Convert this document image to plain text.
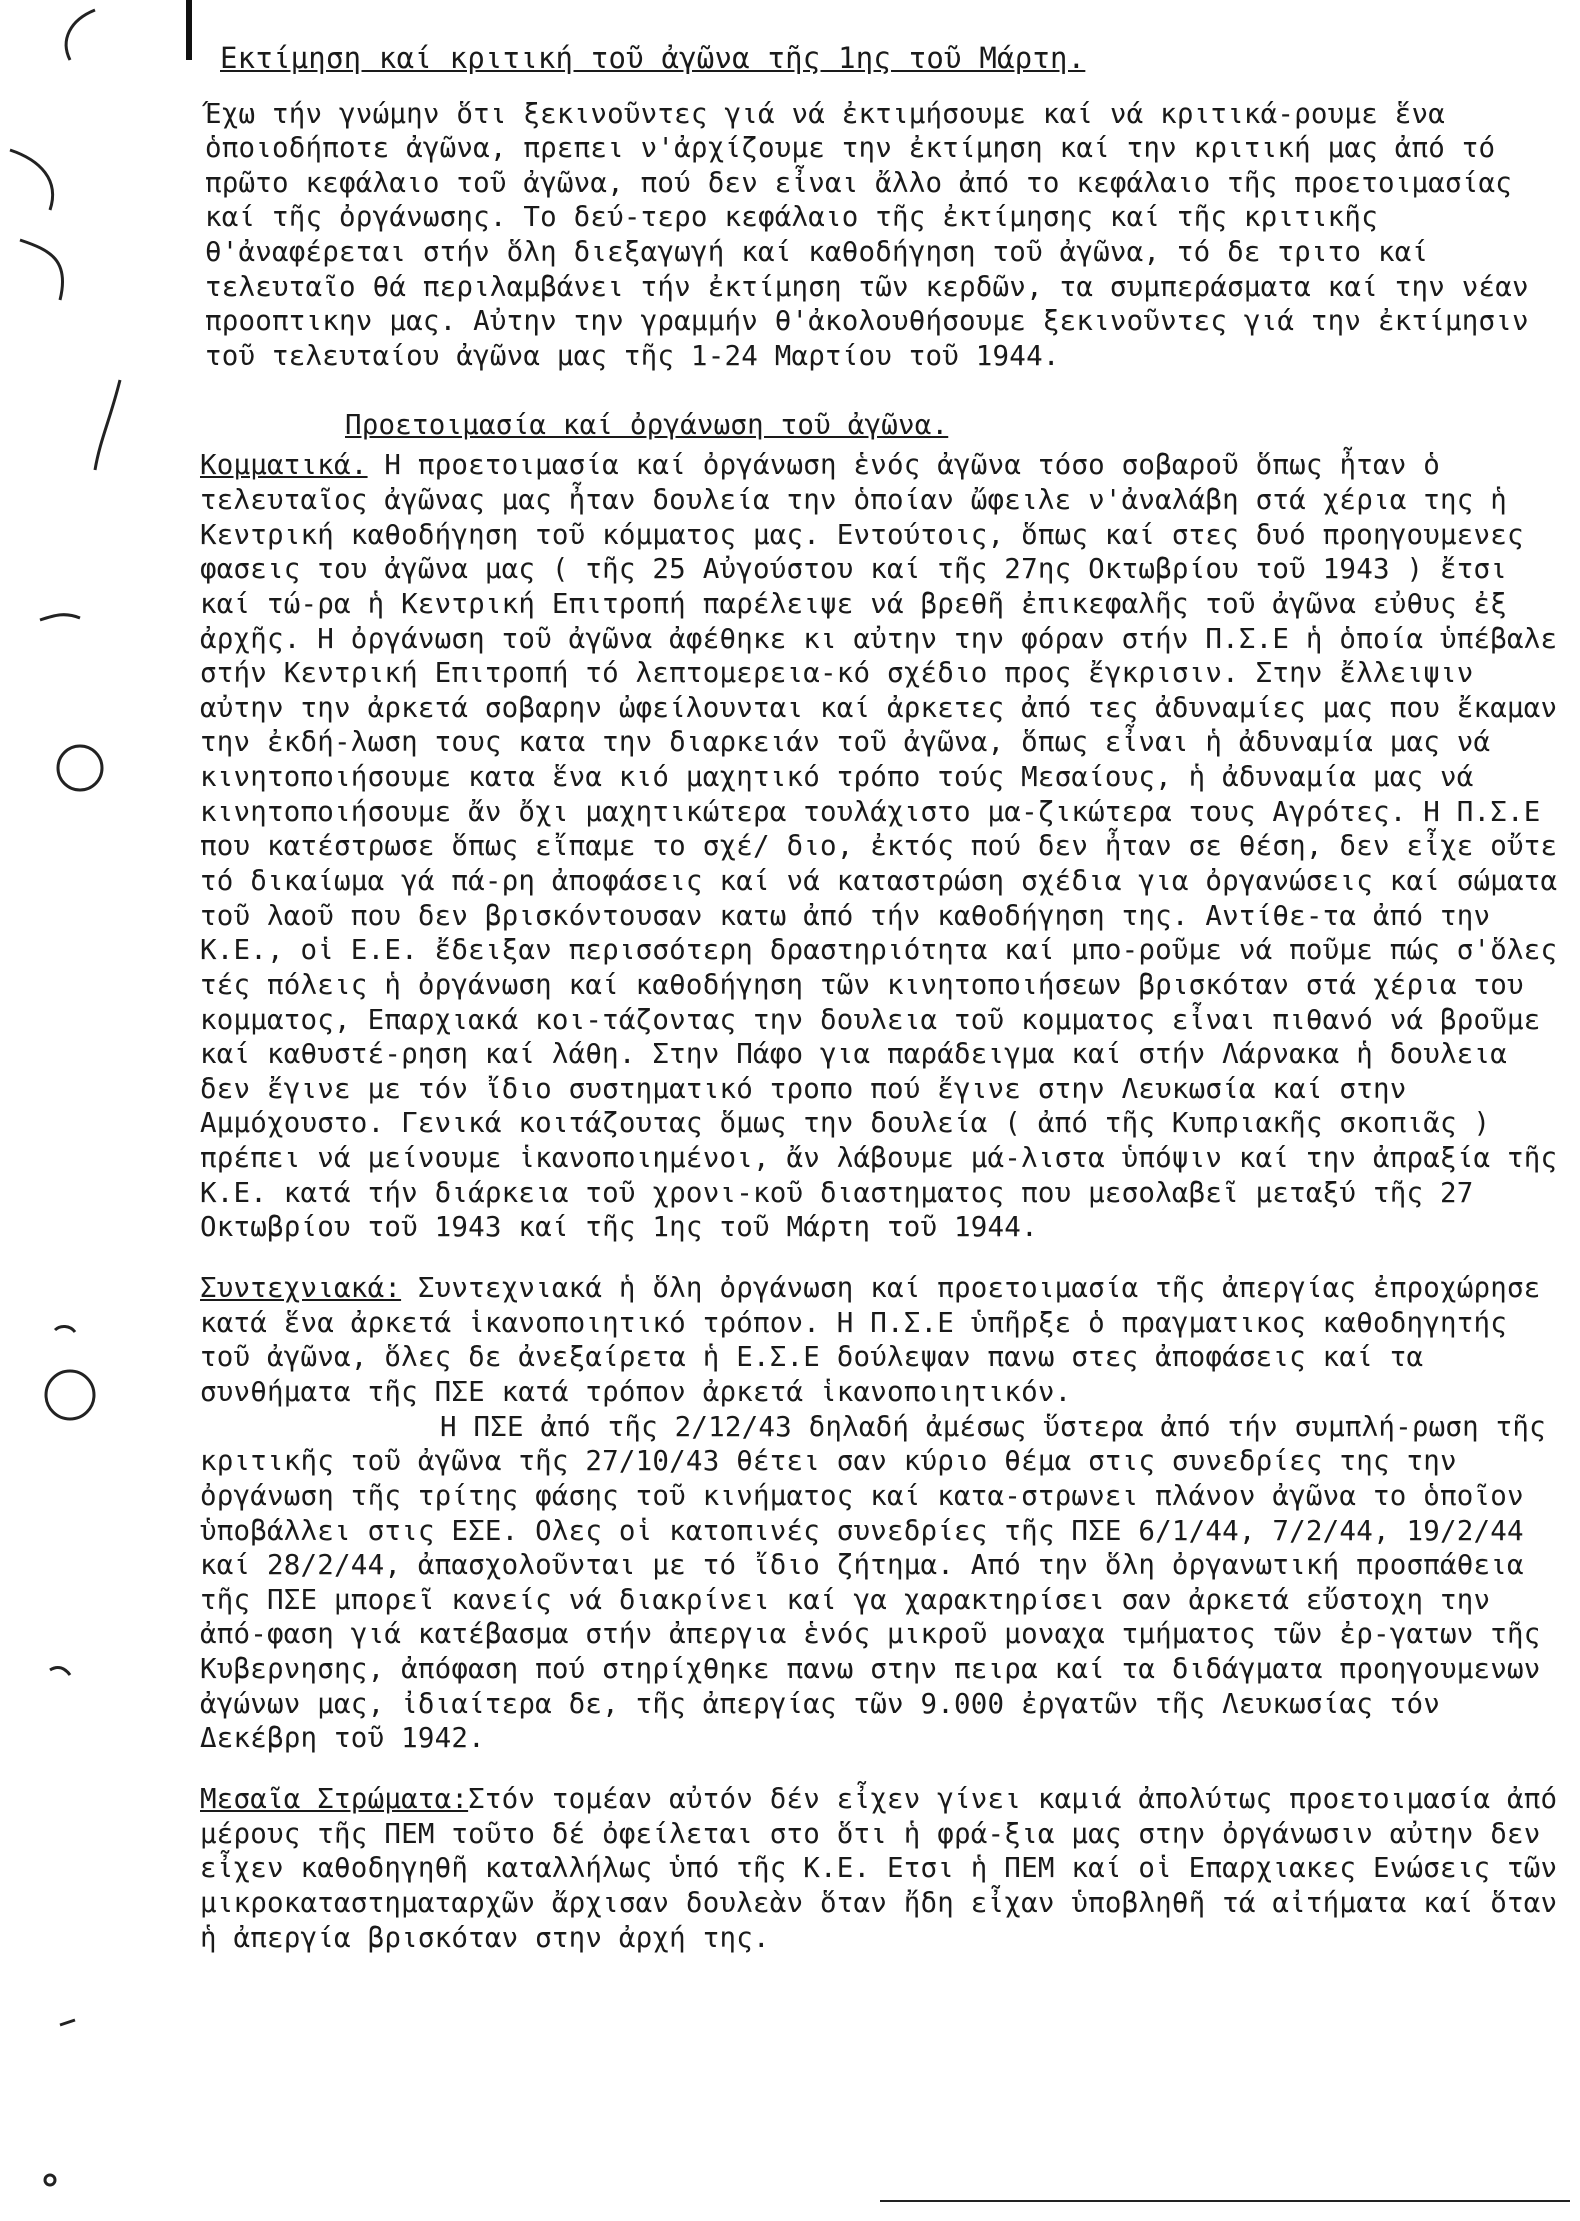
Εκτίμηση καί κριτική τοῦ ἀγῶνα τῆς 1ης τοῦ Μάρτη.

Έχω τήν γνώμην ὅτι ξεκινοῦντες γιά νά ἐκτιμήσουμε καί νά κριτικά-ρουμε ἕνα ὁποιοδήποτε ἀγῶνα, πρεπει ν'ἀρχίζουμε την ἐκτίμηση καί την κριτική μας ἀπό τό πρῶτο κεφάλαιο τοῦ ἀγῶνα, πού δεν εἶναι ἄλλο ἀπό το κεφάλαιο τῆς προετοιμασίας καί τῆς ὀργάνωσης. Το δεύ-τερο κεφάλαιο τῆς ἐκτίμησης καί τῆς κριτικῆς θ'ἀναφέρεται στήν ὅλη διεξαγωγή καί καθοδήγηση τοῦ ἀγῶνα, τό δε τριτο καί τελευταῖο θά περιλαμβάνει τήν ἐκτίμηση τῶν κερδῶν, τα συμπεράσματα καί την νέαν προοπτικην μας. Αὐτην την γραμμήν θ'ἀκολουθήσουμε ξεκινοῦντες γιά την ἐκτίμησιν τοῦ τελευταίου ἀγῶνα μας τῆς 1-24 Μαρτίου τοῦ 1944.

Προετοιμασία καί ὀργάνωση τοῦ ἀγῶνα.

Κομματικά. Η προετοιμασία καί ὀργάνωση ἑνός ἀγῶνα τόσο σοβαροῦ ὅπως ἦταν ὁ τελευταῖος ἀγῶνας μας ἦταν δουλεία την ὁποίαν ὤφειλε ν'ἀναλάβη στά χέρια της ἡ Κεντρική καθοδήγηση τοῦ κόμματος μας. Εντούτοις, ὅπως καί στες δυό προηγουμενες φασεις του ἀγῶνα μας ( τῆς 25 Αὐγούστου καί τῆς 27ης Οκτωβρίου τοῦ 1943 ) ἔτσι καί τώ-ρα ἡ Κεντρική Επιτροπή παρέλειψε νά βρεθῆ ἐπικεφαλῆς τοῦ ἀγῶνα εὐθυς ἐξ ἀρχῆς. Η ὀργάνωση τοῦ ἀγῶνα ἀφέθηκε κι αὐτην την φόραν στήν Π.Σ.Ε ἡ ὁποία ὑπέβαλε στήν Κεντρική Επιτροπή τό λεπτομερεια-κό σχέδιο προς ἔγκρισιν. Στην ἔλλειψιν αὐτην την ἀρκετά σοβαρην ὠφείλουνται καί ἀρκετες ἀπό τες ἀδυναμίες μας που ἔκαμαν την ἐκδή-λωση τους κατα την διαρκειάν τοῦ ἀγῶνα, ὅπως εἶναι ἡ ἀδυναμία μας νά κινητοποιήσουμε κατα ἕνα κιό μαχητικό τρόπο τούς Μεσαίους, ἡ ἀδυναμία μας νά κινητοποιήσουμε ἄν ὄχι μαχητικώτερα τουλάχιστο μα-ζικώτερα τους Αγρότες. Η Π.Σ.Ε που κατέστρωσε ὅπως εἴπαμε το σχέ/ διο, ἐκτός πού δεν ἦταν σε θέση, δεν εἶχε οὔτε τό δικαίωμα γά πά-ρη ἀποφάσεις καί νά καταστρώση σχέδια για ὀργανώσεις καί σώματα τοῦ λαοῦ που δεν βρισκόντουσαν κατω ἀπό τήν καθοδήγηση της. Αντίθε-τα ἀπό την Κ.Ε., οἱ Ε.Ε. ἔδειξαν περισσότερη δραστηριότητα καί μπο-ροῦμε νά ποῦμε πώς σ'ὅλες τές πόλεις ἡ ὀργάνωση καί καθοδήγηση τῶν κινητοποιήσεων βρισκόταν στά χέρια του κομματος, Επαρχιακά κοι-τάζοντας την δουλεια τοῦ κομματος εἶναι πιθανό νά βροῦμε καί καθυστέ-ρηση καί λάθη. Στην Πάφο για παράδειγμα καί στήν Λάρνακα ἡ δουλεια δεν ἔγινε με τόν ἴδιο συστηματικό τροπο πού ἔγινε στην Λευκωσία καί στην Αμμόχουστο. Γενικά κοιτάζουτας ὅμως την δουλεία ( ἀπό τῆς Κυπριακῆς σκοπιᾶς ) πρέπει νά μείνουμε ἱκανοποιημένοι, ἄν λάβουμε μά-λιστα ὑπόψιν καί την ἀπραξία τῆς Κ.Ε. κατά τήν διάρκεια τοῦ χρονι-κοῦ διαστηματος που μεσολαβεῖ μεταξύ τῆς 27 Οκτωβρίου τοῦ 1943 καί τῆς 1ης τοῦ Μάρτη τοῦ 1944.

Συντεχνιακά: Συντεχνιακά ἡ ὅλη ὀργάνωση καί προετοιμασία τῆς ἀπεργίας ἐπροχώρησε κατά ἕνα ἀρκετά ἱκανοποιητικό τρόπον. Η Π.Σ.Ε ὑπῆρξε ὁ πραγματικος καθοδηγητής τοῦ ἀγῶνα, ὅλες δε ἀνεξαίρετα ἡ Ε.Σ.Ε δούλεψαν πανω στες ἀποφάσεις καί τα συνθήματα τῆς ΠΣΕ κατά τρόπον ἀρκετά ἱκανοποιητικόν.

Η ΠΣΕ ἀπό τῆς 2/12/43 δηλαδή ἀμέσως ὕστερα ἀπό τήν συμπλή-ρωση τῆς κριτικῆς τοῦ ἀγῶνα τῆς 27/10/43 θέτει σαν κύριο θέμα στις συνεδρίες της την ὀργάνωση τῆς τρίτης φάσης τοῦ κινήματος καί κατα-στρωνει πλάνον ἀγῶνα το ὁποῖον ὑποβάλλει στις ΕΣΕ. Ολες οἱ κατοπινές συνεδρίες τῆς ΠΣΕ 6/1/44, 7/2/44, 19/2/44 καί 28/2/44, ἀπασχολοῦνται με τό ἴδιο ζήτημα. Από την ὅλη ὀργανωτική προσπάθεια τῆς ΠΣΕ μπορεῖ κανείς νά διακρίνει καί γα χαρακτηρίσει σαν ἀρκετά εὔστοχη την ἀπό-φαση γιά κατέβασμα στήν ἀπεργια ἑνός μικροῦ μοναχα τμήματος τῶν ἐρ-γατων τῆς Κυβερνησης, ἀπόφαση πού στηρίχθηκε πανω στην πειρα καί τα διδάγματα προηγουμενων ἀγώνων μας, ἰδιαίτερα δε, τῆς ἀπεργίας τῶν 9.000 ἐργατῶν τῆς Λευκωσίας τόν Δεκέβρη τοῦ 1942.

Μεσαῖα Στρώματα:Στόν τομέαν αὐτόν δέν εἶχεν γίνει καμιά ἀπολύτως προετοιμασία ἀπό μέρους τῆς ΠΕΜ τοῦτο δέ ὀφείλεται στο ὅτι ἡ φρά-ξια μας στην ὀργάνωσιν αὐτην δεν εἶχεν καθοδηγηθῆ καταλλήλως ὑπό τῆς Κ.Ε. Ετσι ἡ ΠΕΜ καί οἱ Επαρχιακες Ενώσεις τῶν μικροκαταστηματαρχῶν ἄρχισαν δουλεὰν ὅταν ἤδη εἶχαν ὑποβληθῆ τά αἰτήματα καί ὅταν ἡ ἀπεργία βρισκόταν στην ἀρχή της.
